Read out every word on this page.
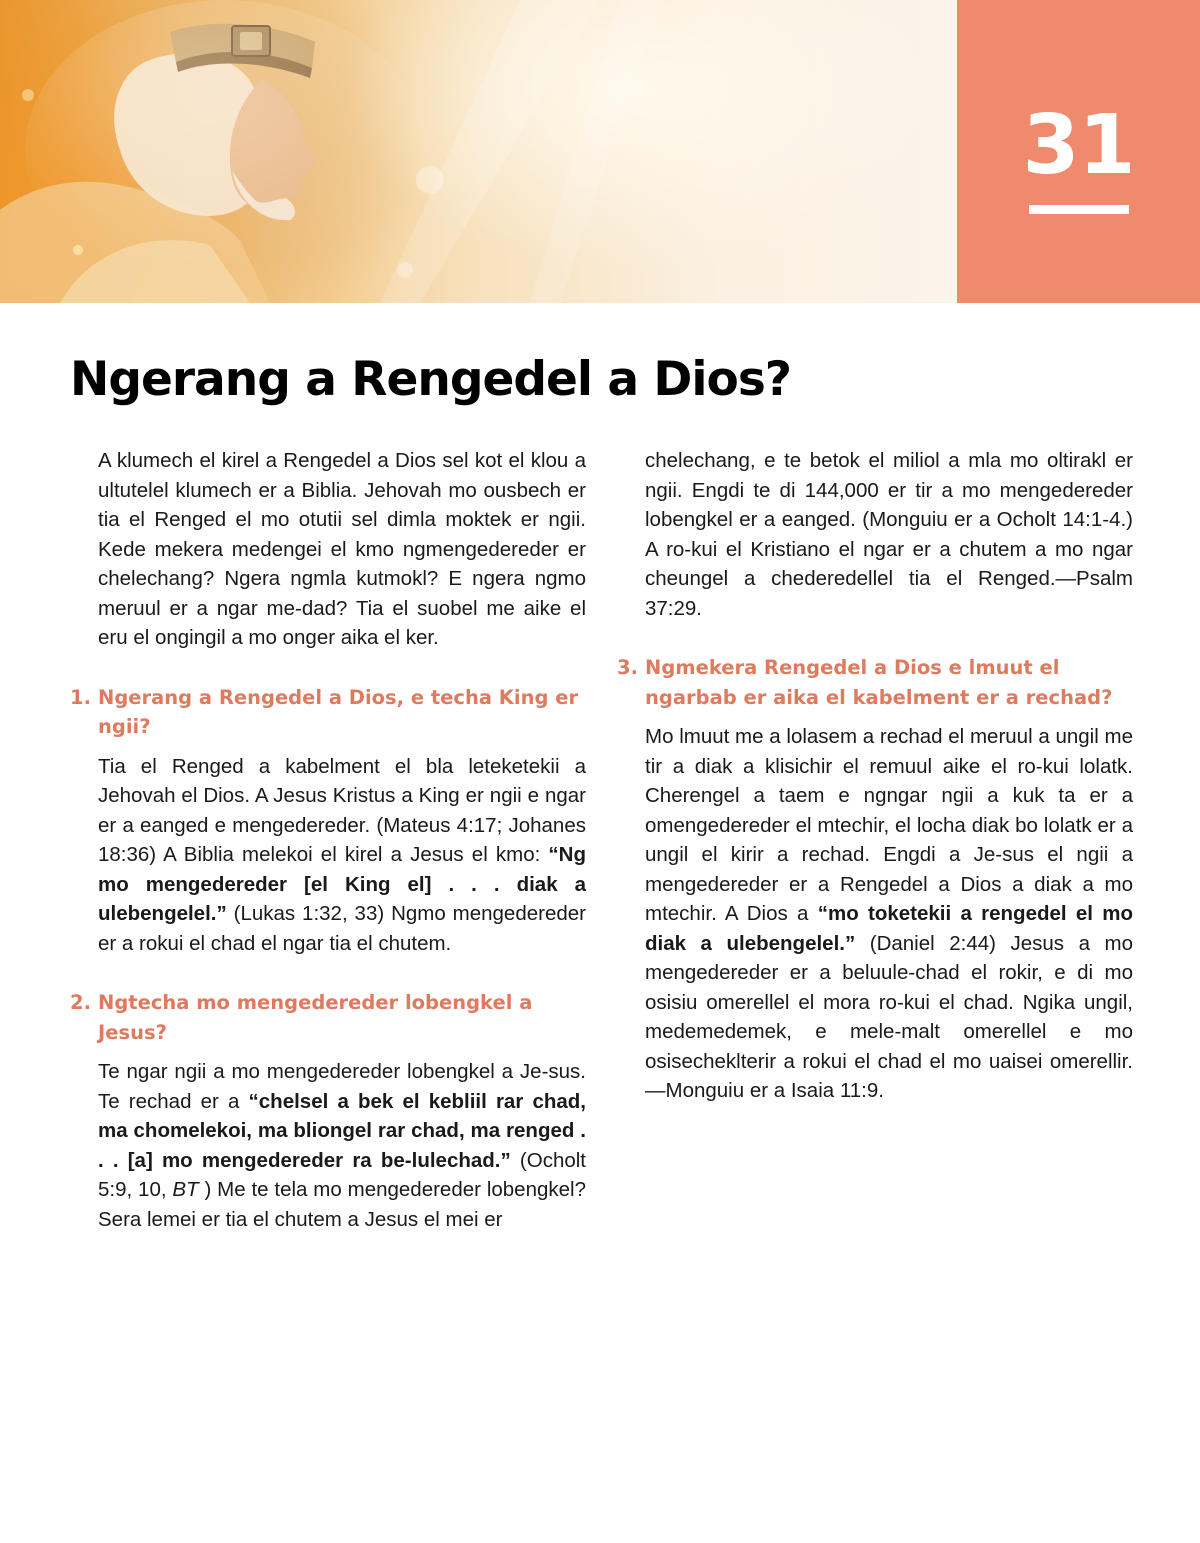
31
Ngerang a Rengedel a Dios?

A klumech el kirel a Rengedel a Dios sel kot el klou a ultutelel klumech er a Biblia. Jehovah mo ousbech er tia el Renged el mo otutii sel dimla moktek er ngii. Kede mekera medengei el kmo ngmengedereder er chelechang? Ngera ngmla kutmokl? E ngera ngmo meruul er a ngar me-dad? Tia el suobel me aike el eru el ongingil a mo onger aika el ker.

1. Ngerang a Rengedel a Dios, e techa King er ngii?

Tia el Renged a kabelment el bla leteketekii a Jehovah el Dios. A Jesus Kristus a King er ngii e ngar er a eanged e mengedereder. (Mateus 4:17; Johanes 18:36) A Biblia melekoi el kirel a Jesus el kmo: “Ng mo mengedereder [el King el] . . . diak a ulebengelel.” (Lukas 1:32, 33) Ngmo mengedereder er a rokui el chad el ngar tia el chutem.

2. Ngtecha mo mengedereder lobengkel a Jesus?

Te ngar ngii a mo mengedereder lobengkel a Je-sus. Te rechad er a “chelsel a bek el kebliil rar chad, ma chomelekoi, ma bliongel rar chad, ma renged . . . [a] mo mengedereder ra be-lulechad.” (Ocholt 5:9, 10, BT ) Me te tela mo mengedereder lobengkel? Sera lemei er tia el chutem a Jesus el mei er

chelechang, e te betok el miliol a mla mo oltirakl er ngii. Engdi te di 144,000 er tir a mo mengedereder lobengkel er a eanged. (Monguiu er a Ocholt 14:1-4.) A ro-kui el Kristiano el ngar er a chutem a mo ngar cheungel a chederedellel tia el Renged.—Psalm 37:29.

3. Ngmekera Rengedel a Dios e lmuut el ngarbab er aika el kabelment er a rechad?

Mo lmuut me a lolasem a rechad el meruul a ungil me tir a diak a klisichir el remuul aike el ro-kui lolatk. Cherengel a taem e ngngar ngii a kuk ta er a omengedereder el mtechir, el locha diak bo lolatk er a ungil el kirir a rechad. Engdi a Je-sus el ngii a mengedereder er a Rengedel a Dios a diak a mo mtechir. A Dios a “mo toketekii a rengedel el mo diak a ulebengelel.” (Daniel 2:44) Jesus a mo mengedereder er a beluule-chad el rokir, e di mo osisiu omerellel el mora ro-kui el chad. Ngika ungil, medemedemek, e mele-malt omerellel e mo osisecheklterir a rokui el chad el mo uaisei omerellir.—Monguiu er a Isaia 11:9.
